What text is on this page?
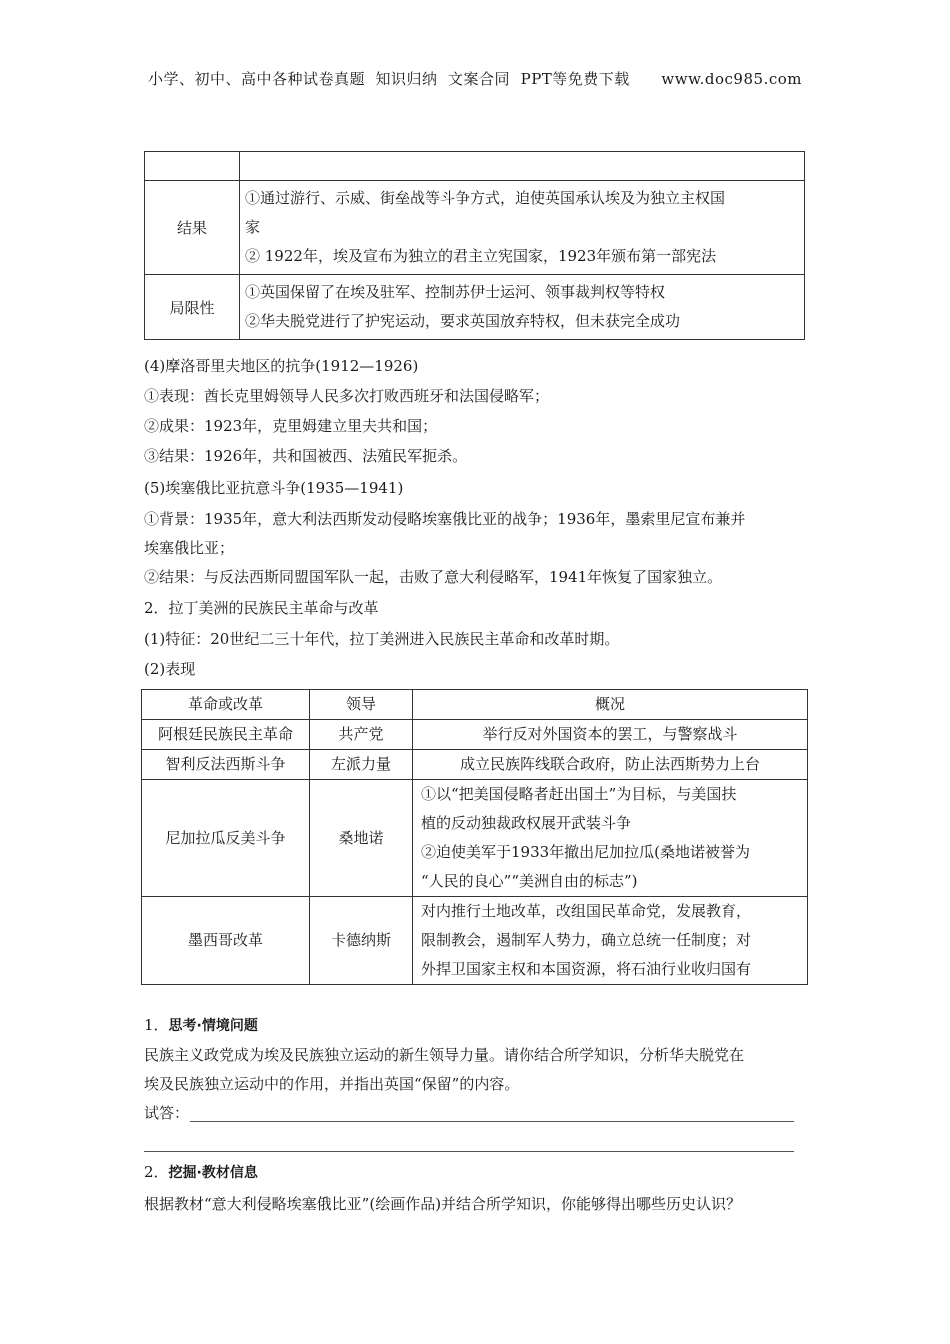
小学、初中、高中各种试卷真题  知识归纳  文案合同  PPT等免费下载      www.doc985.com

结果	①通过游行、示威、街垒战等斗争方式，迫使英国承认埃及为独立主权国
家
② 1922年，埃及宣布为独立的君主立宪国家，1923年颁布第一部宪法

局限性	①英国保留了在埃及驻军、控制苏伊士运河、领事裁判权等特权
②华夫脱党进行了护宪运动，要求英国放弃特权，但未获完全成功
(4)摩洛哥里夫地区的抗争(1912—1926)
①表现：酋长克里姆领导人民多次打败西班牙和法国侵略军；
②成果：1923年，克里姆建立里夫共和国；
③结果：1926年，共和国被西、法殖民军扼杀。
(5)埃塞俄比亚抗意斗争(1935—1941)
①背景：1935年，意大利法西斯发动侵略埃塞俄比亚的战争；1936年，墨索里尼宣布兼并
埃塞俄比亚；
②结果：与反法西斯同盟国军队一起，击败了意大利侵略军，1941年恢复了国家独立。
2．拉丁美洲的民族民主革命与改革
(1)特征：20世纪二三十年代，拉丁美洲进入民族民主革命和改革时期。
(2)表现
革命或改革	领导	概况
阿根廷民族民主革命	共产党	举行反对外国资本的罢工，与警察战斗
智利反法西斯斗争	左派力量	成立民族阵线联合政府，防止法西斯势力上台
尼加拉瓜反美斗争	桑地诺	①以“把美国侵略者赶出国土”为目标，与美国扶
植的反动独裁政权展开武装斗争
②迫使美军于1933年撤出尼加拉瓜(桑地诺被誉为
“人民的良心”“美洲自由的标志”)

墨西哥改革	卡德纳斯	对内推行土地改革，改组国民革命党，发展教育，
限制教会，遏制军人势力，确立总统一任制度；对
外捍卫国家主权和本国资源，将石油行业收归国有
1．思考·情境问题
民族主义政党成为埃及民族独立运动的新生领导力量。请你结合所学知识，分析华夫脱党在
埃及民族独立运动中的作用，并指出英国“保留”的内容。
试答：
2．挖掘·教材信息
根据教材“意大利侵略埃塞俄比亚”(绘画作品)并结合所学知识，你能够得出哪些历史认识？
